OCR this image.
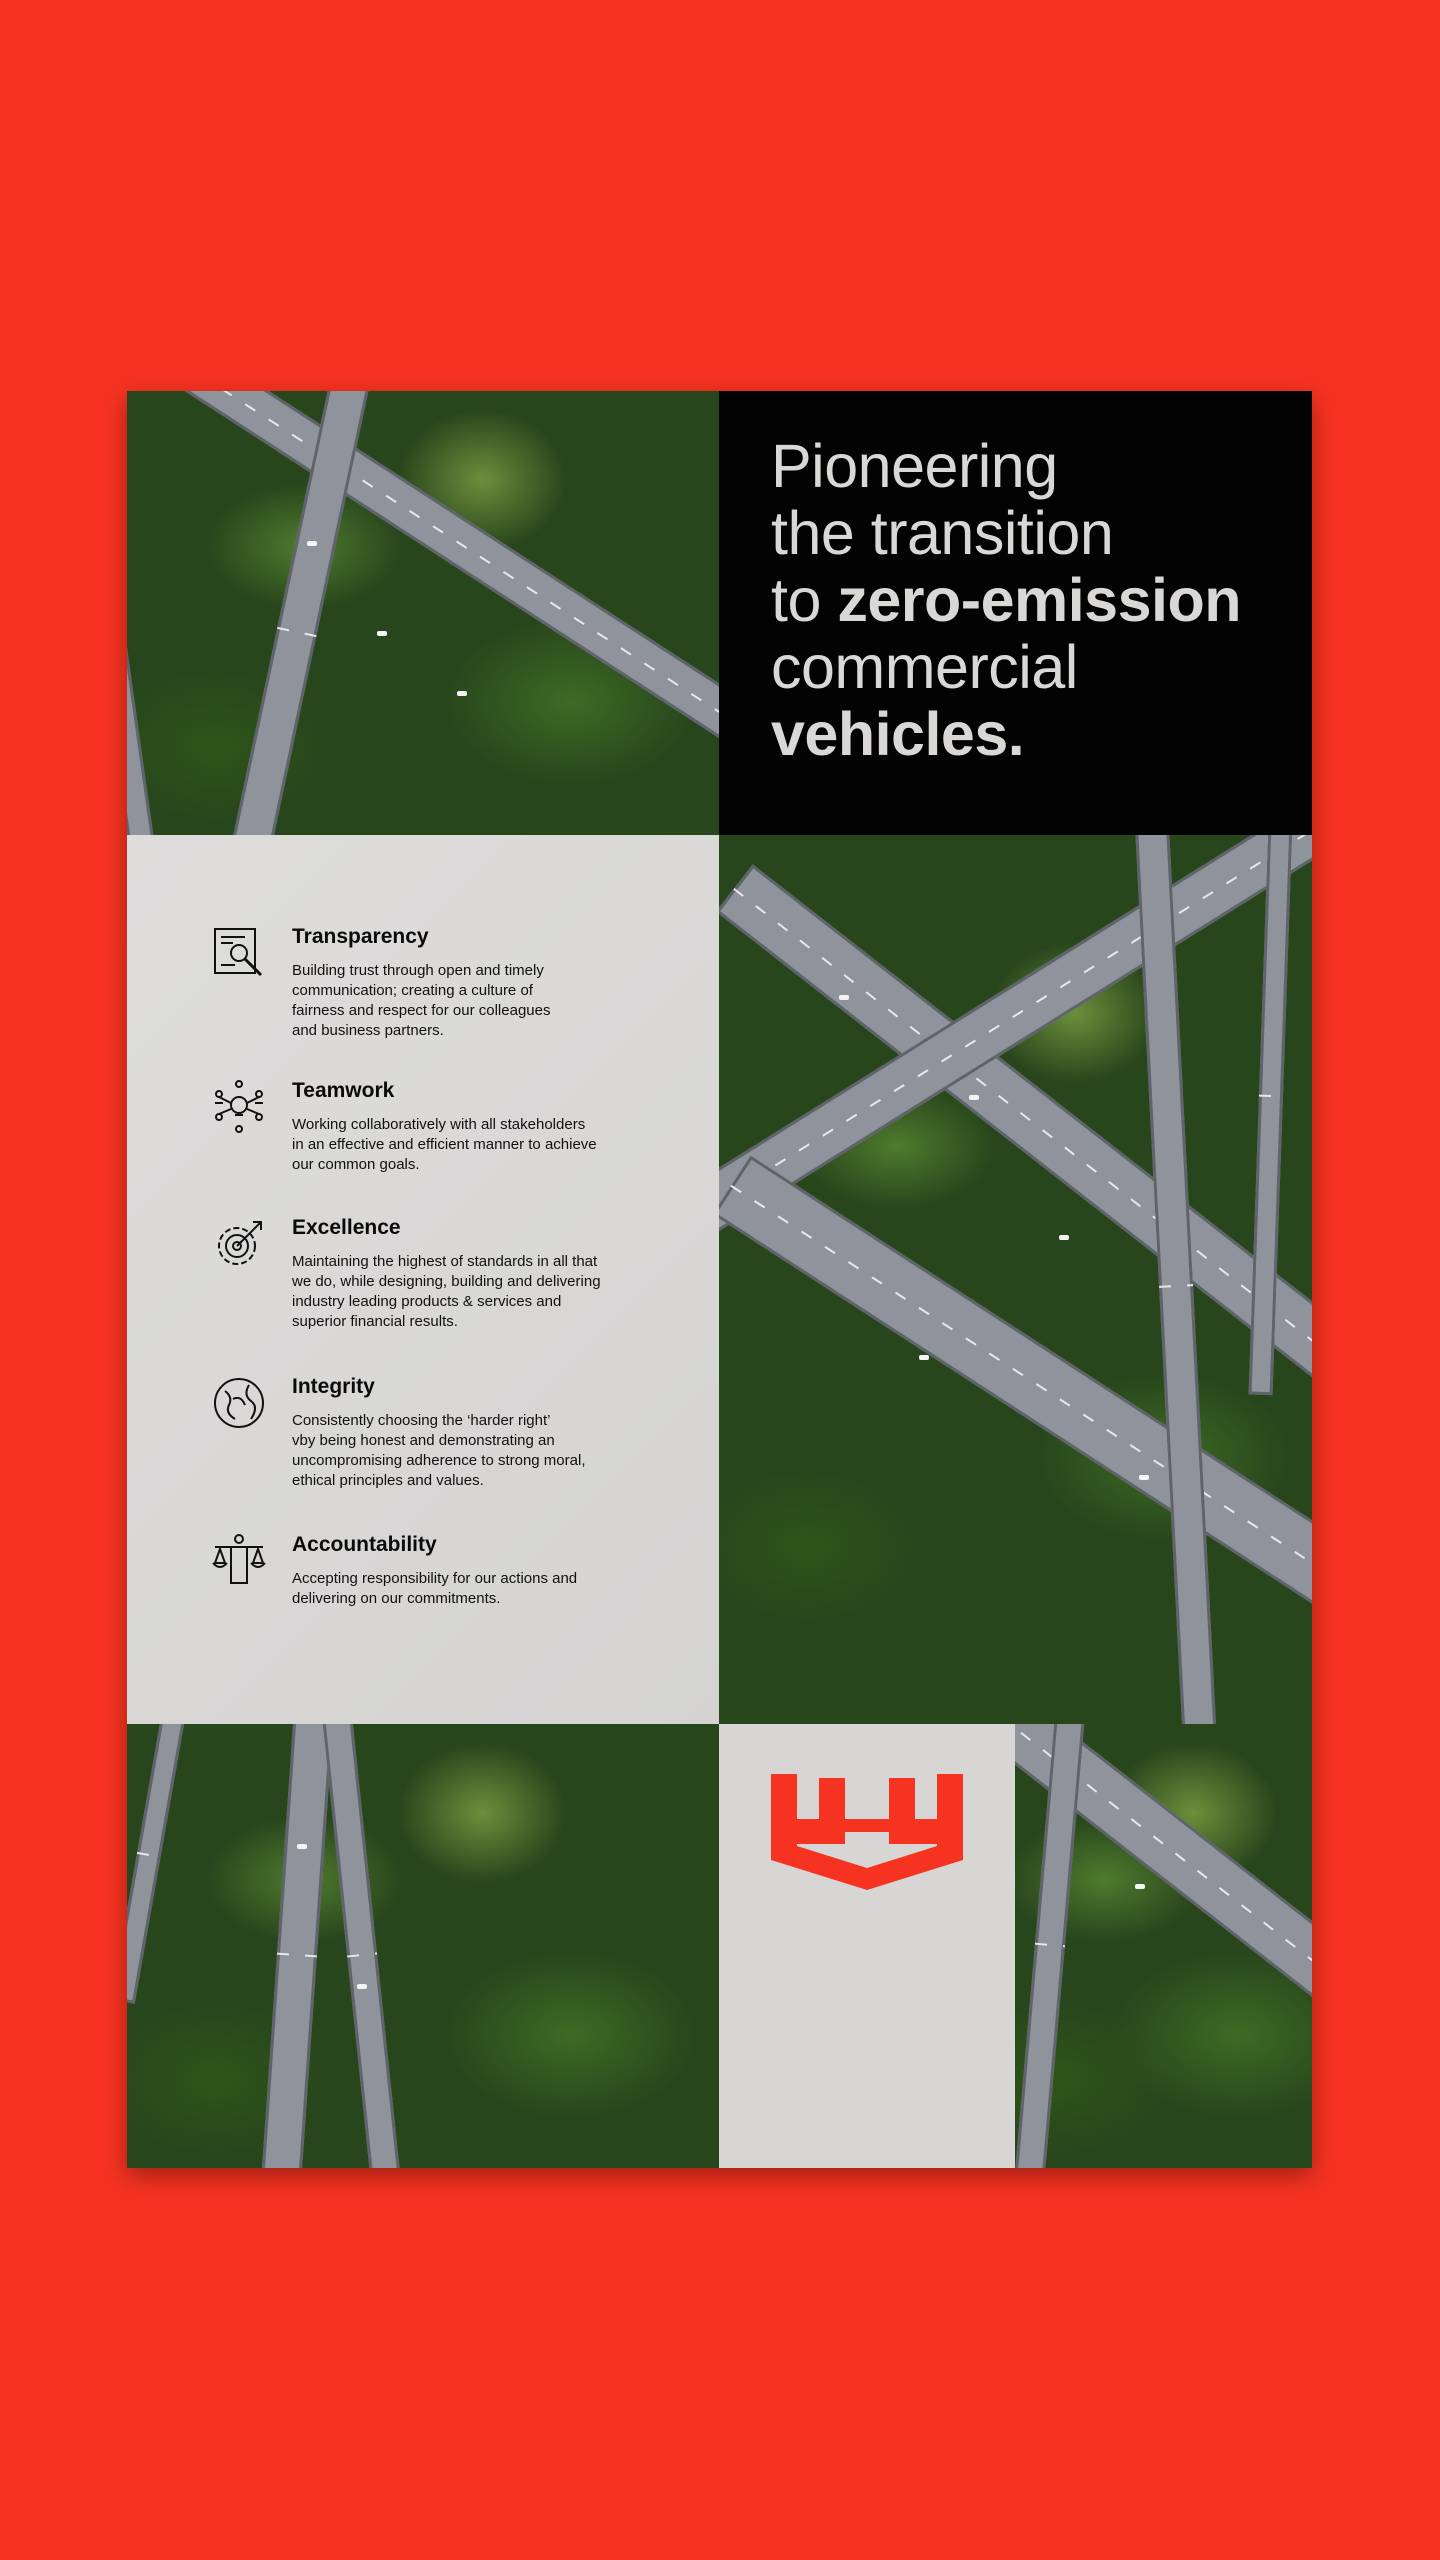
Pioneering
the transition
to zero-emission
commercial
vehicles.
Transparency

Building trust through open and timely
communication; creating a culture of
fairness and respect for our colleagues
and business partners.

Teamwork

Working collaboratively with all stakeholders
in an effective and efficient manner to achieve
our common goals.

Excellence

Maintaining the highest of standards in all that
we do, while designing, building and delivering
industry leading products & services and
superior financial results.

Integrity

Consistently choosing the ‘harder right’
vby being honest and demonstrating an
uncompromising adherence to strong moral,
ethical principles and values.

Accountability

Accepting responsibility for our actions and
delivering on our commitments.
